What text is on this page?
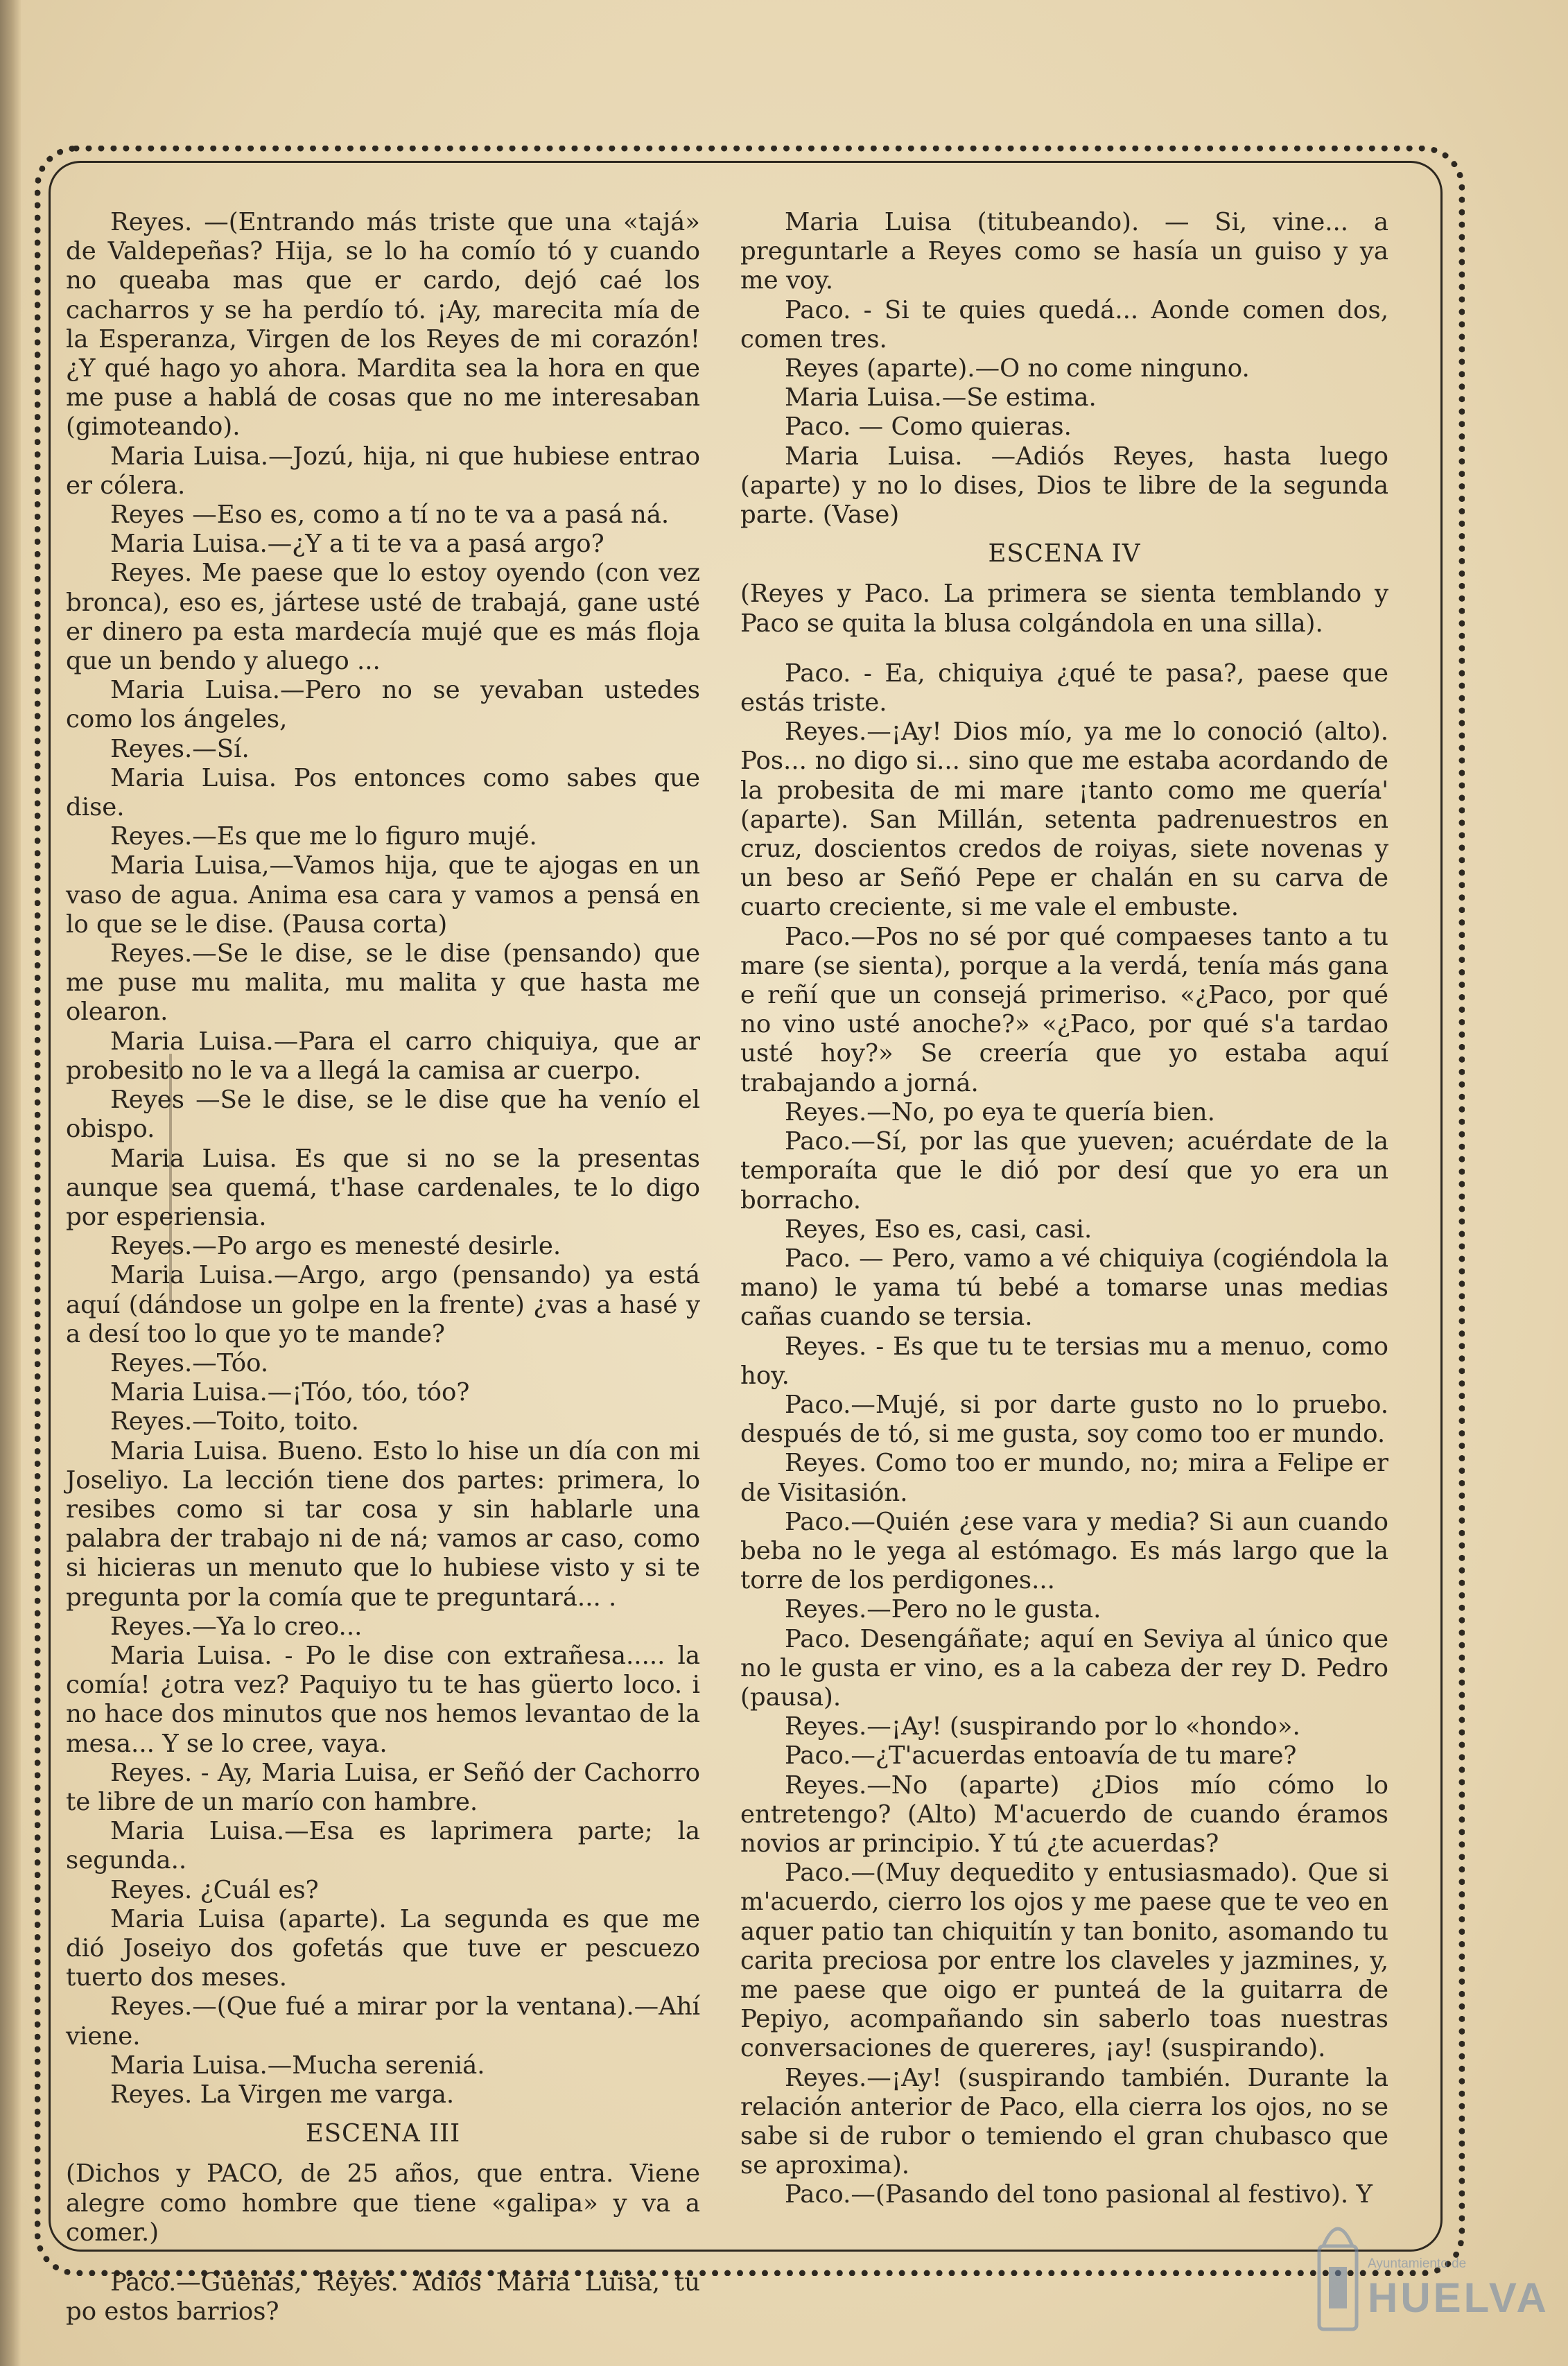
Reyes. —(Entrando más triste que una «tajá» de Valdepeñas? Hija, se lo ha comío tó y cuando no queaba mas que er cardo, dejó caé los cacharros y se ha perdío tó. ¡Ay, marecita mía de la Esperanza, Virgen de los Reyes de mi corazón! ¿Y qué hago yo ahora. Mardita sea la hora en que me puse a hablá de cosas que no me interesaban (gimoteando).

Maria Luisa.—Jozú, hija, ni que hubiese entrao er cólera.

Reyes —Eso es, como a tí no te va a pasá ná.

Maria Luisa.—¿Y a ti te va a pasá argo?

Reyes. Me paese que lo estoy oyendo (con vez bronca), eso es, jártese usté de trabajá, gane usté er dinero pa esta mardecía mujé que es más floja que un bendo y aluego ...

Maria Luisa.—Pero no se yevaban ustedes como los ángeles,

Reyes.—Sí.

Maria Luisa. Pos entonces como sabes que dise.

Reyes.—Es que me lo figuro mujé.

Maria Luisa,—Vamos hija, que te ajogas en un vaso de agua. Anima esa cara y vamos a pensá en lo que se le dise. (Pausa corta)

Reyes.—Se le dise, se le dise (pensando) que me puse mu malita, mu malita y que hasta me olearon.

Maria Luisa.—Para el carro chiquiya, que ar probesito no le va a llegá la camisa ar cuerpo.

Reyes —Se le dise, se le dise que ha venío el obispo.

Maria Luisa. Es que si no se la presentas aunque sea quemá, t'hase cardenales, te lo digo por esperiensia.

Reyes.—Po argo es menesté desirle.

Maria Luisa.—Argo, argo (pensando) ya está aquí (dándose un golpe en la frente) ¿vas a hasé y a desí too lo que yo te mande?

Reyes.—Tóo.

Maria Luisa.—¡Tóo, tóo, tóo?

Reyes.—Toito, toito.

Maria Luisa. Bueno. Esto lo hise un día con mi Joseliyo. La lección tiene dos partes: primera, lo resibes como si tar cosa y sin hablarle una palabra der trabajo ni de ná; vamos ar caso, como si hicieras un menuto que lo hubiese visto y si te pregunta por la comía que te preguntará... .

Reyes.—Ya lo creo...

Maria Luisa. - Po le dise con extrañesa..... la comía! ¿otra vez? Paquiyo tu te has güerto loco. i no hace dos minutos que nos hemos levantao de la mesa... Y se lo cree, vaya.

Reyes. - Ay, Maria Luisa, er Señó der Cachorro te libre de un marío con hambre.

Maria Luisa.—Esa es laprimera parte; la segunda..

Reyes. ¿Cuál es?

Maria Luisa (aparte). La segunda es que me dió Joseiyo dos gofetás que tuve er pescuezo tuerto dos meses.

Reyes.—(Que fué a mirar por la ventana).—Ahí viene.

Maria Luisa.—Mucha sereniá.

Reyes. La Virgen me varga.

ESCENA III

(Dichos y PACO, de 25 años, que entra. Viene alegre como hombre que tiene «galipa» y va a comer.)

Paco.—Güenas, Reyes. Adiós Maria Luisa, tu po estos barrios?

Maria Luisa (titubeando). — Si, vine... a preguntarle a Reyes como se hasía un guiso y ya me voy.

Paco. - Si te quies quedá... Aonde comen dos, comen tres.

Reyes (aparte).—O no come ninguno.

Maria Luisa.—Se estima.

Paco. — Como quieras.

Maria Luisa. —Adiós Reyes, hasta luego (aparte) y no lo dises, Dios te libre de la segunda parte. (Vase)

ESCENA IV

(Reyes y Paco. La primera se sienta temblando y Paco se quita la blusa colgándola en una silla).

Paco. - Ea, chiquiya ¿qué te pasa?, paese que estás triste.

Reyes.—¡Ay! Dios mío, ya me lo conoció (alto). Pos... no digo si... sino que me estaba acordando de la probesita de mi mare ¡tanto como me quería' (aparte). San Millán, setenta padrenuestros en cruz, doscientos credos de roiyas, siete novenas y un beso ar Señó Pepe er chalán en su carva de cuarto creciente, si me vale el embuste.

Paco.—Pos no sé por qué compaeses tanto a tu mare (se sienta), porque a la verdá, tenía más gana e reñí que un consejá primeriso. «¿Paco, por qué no vino usté anoche?» «¿Paco, por qué s'a tardao usté hoy?» Se creería que yo estaba aquí trabajando a jorná.

Reyes.—No, po eya te quería bien.

Paco.—Sí, por las que yueven; acuérdate de la temporaíta que le dió por desí que yo era un borracho.

Reyes, Eso es, casi, casi.

Paco. — Pero, vamo a vé chiquiya (cogiéndola la mano) le yama tú bebé a tomarse unas medias cañas cuando se tersia.

Reyes. - Es que tu te tersias mu a menuo, como hoy.

Paco.—Mujé, si por darte gusto no lo pruebo. después de tó, si me gusta, soy como too er mundo.

Reyes. Como too er mundo, no; mira a Felipe er de Visitasión.

Paco.—Quién ¿ese vara y media? Si aun cuando beba no le yega al estómago. Es más largo que la torre de los perdigones...

Reyes.—Pero no le gusta.

Paco. Desengáñate; aquí en Seviya al único que no le gusta er vino, es a la cabeza der rey D. Pedro (pausa).

Reyes.—¡Ay! (suspirando por lo «hondo».

Paco.—¿T'acuerdas entoavía de tu mare?

Reyes.—No (aparte) ¿Dios mío cómo lo entretengo? (Alto) M'acuerdo de cuando éramos novios ar principio. Y tú ¿te acuerdas?

Paco.—(Muy dequedito y entusiasmado). Que si m'acuerdo, cierro los ojos y me paese que te veo en aquer patio tan chiquitín y tan bonito, asomando tu carita preciosa por entre los claveles y jazmines, y, me paese que oigo er punteá de la guitarra de Pepiyo, acompañando sin saberlo toas nuestras conversaciones de quereres, ¡ay! (suspirando).

Reyes.—¡Ay! (suspirando también. Durante la relación anterior de Paco, ella cierra los ojos, no se sabe si de rubor o temiendo el gran chubasco que se aproxima).

Paco.—(Pasando del tono pasional al festivo). Y

Ayuntamiento de
HUELVA
